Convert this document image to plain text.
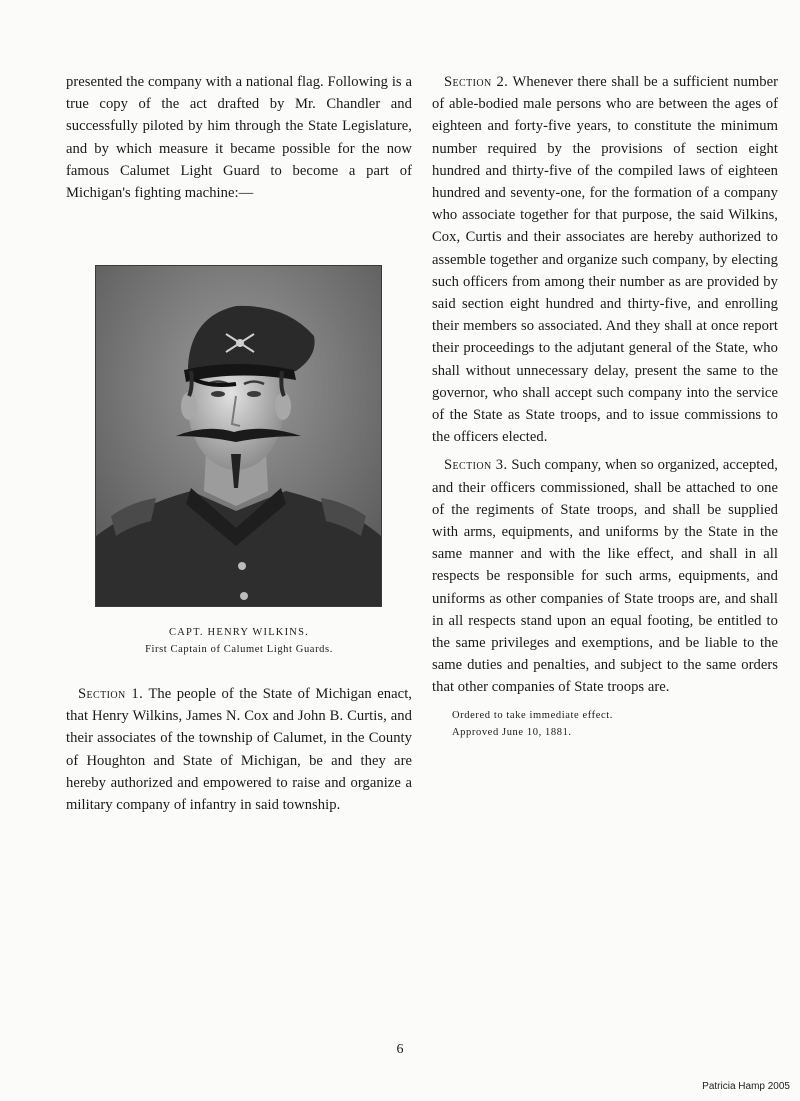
presented the company with a national flag. Following is a true copy of the act drafted by Mr. Chandler and successfully piloted by him through the State Legislature, and by which measure it became possible for the now famous Calumet Light Guard to become a part of Michigan's fighting machine:—

CAPT. HENRY WILKINS.
First Captain of Calumet Light Guards.

Section 1. The people of the State of Michigan enact, that Henry Wilkins, James N. Cox and John B. Curtis, and their associates of the township of Calumet, in the County of Houghton and State of Michigan, be and they are hereby authorized and empowered to raise and organize a military company of infantry in said township.

Section 2. Whenever there shall be a sufficient number of able-bodied male persons who are between the ages of eighteen and forty-five years, to constitute the minimum number required by the provisions of section eight hundred and thirty-five of the compiled laws of eighteen hundred and seventy-one, for the formation of a company who associate together for that purpose, the said Wilkins, Cox, Curtis and their associates are hereby authorized to assemble together and organize such company, by electing such officers from among their number as are provided by said section eight hundred and thirty-five, and enrolling their members so associated. And they shall at once report their proceedings to the adjutant general of the State, who shall without unnecessary delay, present the same to the governor, who shall accept such company into the service of the State as State troops, and to issue commissions to the officers elected.

Section 3. Such company, when so organized, accepted, and their officers commissioned, shall be attached to one of the regiments of State troops, and shall be supplied with arms, equipments, and uniforms by the State in the same manner and with the like effect, and shall in all respects be responsible for such arms, equipments, and uniforms as other companies of State troops are, and shall in all respects stand upon an equal footing, be entitled to the same privileges and exemptions, and be liable to the same duties and penalties, and subject to the same orders that other companies of State troops are.

Ordered to take immediate effect.
Approved June 10, 1881.
6
Patricia Hamp 2005
